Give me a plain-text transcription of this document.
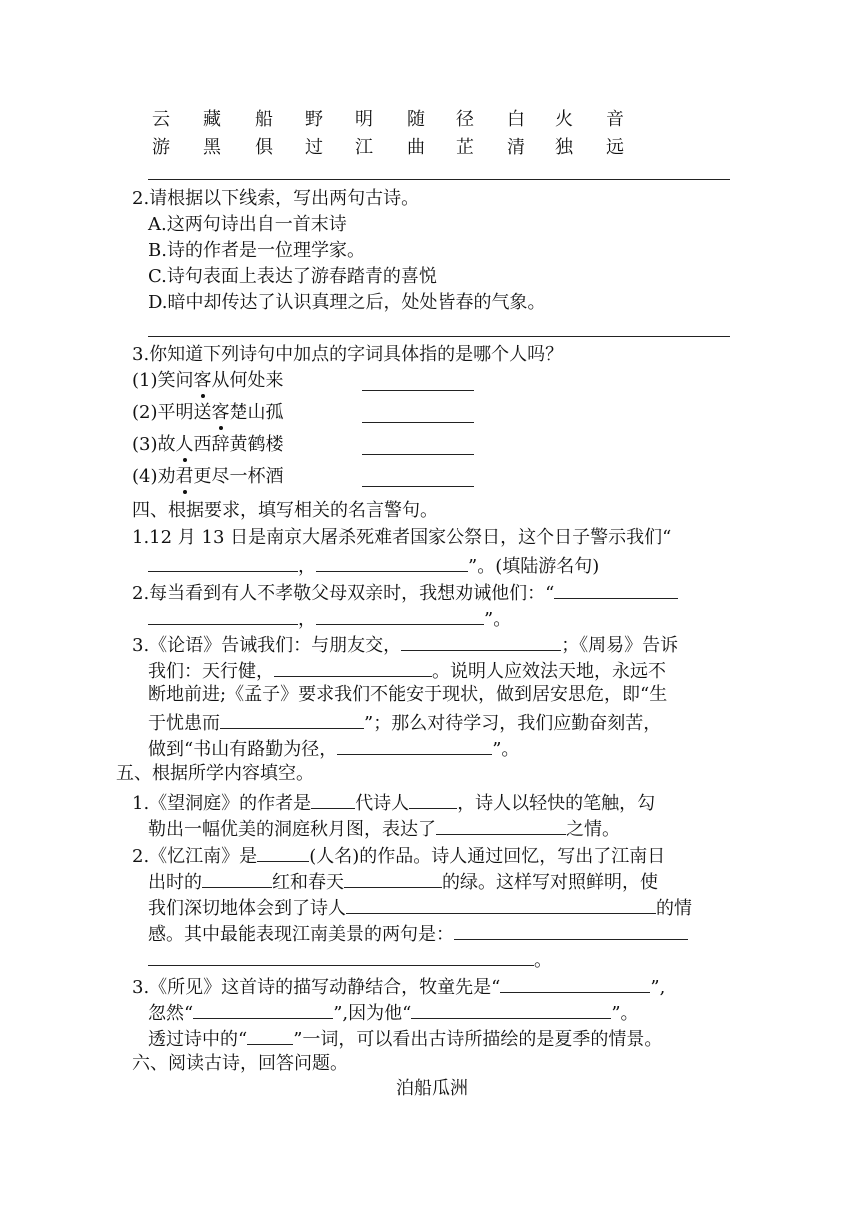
云 藏 船 野 明 随 径 白 火 音
游 黑 俱 过 江 曲 芷 清 独 远
2.请根据以下线索，写出两句古诗。
A.这两句诗出自一首末诗
B.诗的作者是一位理学家。
C.诗句表面上表达了游春踏青的喜悦
D.暗中却传达了认识真理之后，处处皆春的气象。
3.你知道下列诗句中加点的字词具体指的是哪个人吗？
(1)笑问客从何处来
(2)平明送客楚山孤
(3)故人西辞黄鹤楼
(4)劝君更尽一杯酒
四、根据要求，填写相关的名言警句。
1.12 月 13 日是南京大屠杀死难者国家公祭日，这个日子警示我们“
，	”。(填陆游名句)
2.每当看到有人不孝敬父母双亲时，我想劝诫他们：“
，	”。
3.《论语》告诫我们：与朋友交，	；《周易》告诉
我们：天行健，	。说明人应效法天地，永远不
断地前进;《孟子》要求我们不能安于现状，做到居安思危，即“生
于忧患而	”；那么对待学习，我们应勤奋刻苦，
做到“书山有路勤为径，	”。
五、根据所学内容填空。
1.《望洞庭》的作者是 代诗人	，诗人以轻快的笔触，勾
勒出一幅优美的洞庭秋月图，表达了	之情。
2.《忆江南》是	(人名)的作品。诗人通过回忆，写出了江南日
出时的	红和春天	的绿。这样写对照鲜明，使
我们深切地体会到了诗人	的情
感。其中最能表现江南美景的两句是：
。
3.《所见》这首诗的描写动静结合，牧童先是“	”,
忽然“	”,因为他“	”。
透过诗中的“	”一词，可以看出古诗所描绘的是夏季的情景。
六、阅读古诗，回答问题。
泊船瓜洲
